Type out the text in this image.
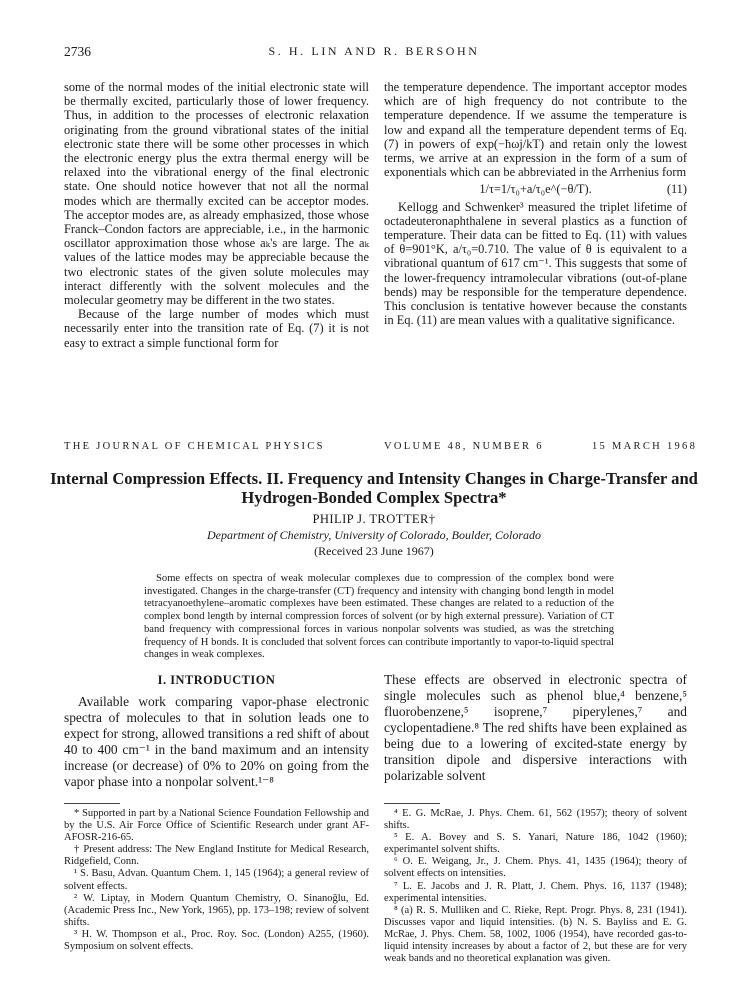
2736	S. H. LIN AND R. BERSOHN

some of the normal modes of the initial electronic state will be thermally excited, particularly those of lower frequency. Thus, in addition to the processes of electronic relaxation originating from the ground vibrational states of the initial electronic state there will be some other processes in which the electronic energy plus the extra thermal energy will be relaxed into the vibrational energy of the final electronic state. One should notice however that not all the normal modes which are thermally excited can be acceptor modes. The acceptor modes are, as already emphasized, those whose Franck–Condon factors are appreciable, i.e., in the harmonic oscillator approximation those whose aₖ's are large. The aₖ values of the lattice modes may be appreciable because the two electronic states of the given solute molecules may interact differently with the solvent molecules and the molecular geometry may be different in the two states.

Because of the large number of modes which must necessarily enter into the transition rate of Eq. (7) it is not easy to extract a simple functional form for

the temperature dependence. The important acceptor modes which are of high frequency do not contribute to the temperature dependence. If we assume the temperature is low and expand all the temperature dependent terms of Eq. (7) in powers of exp(−ħωj/kT) and retain only the lowest terms, we arrive at an expression in the form of a sum of exponentials which can be abbreviated in the Arrhenius form

1/τ=1/τ₀+a/τ₀e^(−θ/T).	(11)

Kellogg and Schwenker³ measured the triplet lifetime of octadeuteronaphthalene in several plastics as a function of temperature. Their data can be fitted to Eq. (11) with values of θ=901°K, a/τ₀=0.710. The value of θ is equivalent to a vibrational quantum of 617 cm⁻¹. This suggests that some of the lower-frequency intramolecular vibrations (out-of-plane bends) may be responsible for the temperature dependence. This conclusion is tentative however because the constants in Eq. (11) are mean values with a qualitative significance.

THE JOURNAL OF CHEMICAL PHYSICS	VOLUME 48, NUMBER 6	15 MARCH 1968
Internal Compression Effects. II. Frequency and Intensity Changes in Charge-Transfer and Hydrogen-Bonded Complex Spectra*
PHILIP J. TROTTER†
Department of Chemistry, University of Colorado, Boulder, Colorado
(Received 23 June 1967)
Some effects on spectra of weak molecular complexes due to compression of the complex bond were investigated. Changes in the charge-transfer (CT) frequency and intensity with changing bond length in model tetracyanoethylene–aromatic complexes have been estimated. These changes are related to a reduction of the complex bond length by internal compression forces of solvent (or by high external pressure). Variation of CT band frequency with compressional forces in various nonpolar solvents was studied, as was the stretching frequency of H bonds. It is concluded that solvent forces can contribute importantly to vapor-to-liquid spectral changes in weak complexes.
I. INTRODUCTION

Available work comparing vapor-phase electronic spectra of molecules to that in solution leads one to expect for strong, allowed transitions a red shift of about 40 to 400 cm⁻¹ in the band maximum and an intensity increase (or decrease) of 0% to 20% on going from the vapor phase into a nonpolar solvent.¹⁻⁸

These effects are observed in electronic spectra of single molecules such as phenol blue,⁴ benzene,⁵ fluorobenzene,⁵ isoprene,⁷ piperylenes,⁷ and cyclopentadiene.⁸ The red shifts have been explained as being due to a lowering of excited-state energy by transition dipole and dispersive interactions with polarizable solvent

* Supported in part by a National Science Foundation Fellowship and by the U.S. Air Force Office of Scientific Research under grant AF-AFOSR-216-65.

† Present address: The New England Institute for Medical Research, Ridgefield, Conn.

¹ S. Basu, Advan. Quantum Chem. 1, 145 (1964); a general review of solvent effects.

² W. Liptay, in Modern Quantum Chemistry, O. Sinanoğlu, Ed. (Academic Press Inc., New York, 1965), pp. 173–198; review of solvent shifts.

³ H. W. Thompson et al., Proc. Roy. Soc. (London) A255, (1960). Symposium on solvent effects.

⁴ E. G. McRae, J. Phys. Chem. 61, 562 (1957); theory of solvent shifts.

⁵ E. A. Bovey and S. S. Yanari, Nature 186, 1042 (1960); experimantel solvent shifts.

⁶ O. E. Weigang, Jr., J. Chem. Phys. 41, 1435 (1964); theory of solvent effects on intensities.

⁷ L. E. Jacobs and J. R. Platt, J. Chem. Phys. 16, 1137 (1948); experimental intensities.

⁸ (a) R. S. Mulliken and C. Rieke, Rept. Progr. Phys. 8, 231 (1941). Discusses vapor and liquid intensities. (b) N. S. Bayliss and E. G. McRae, J. Phys. Chem. 58, 1002, 1006 (1954), have recorded gas-to-liquid intensity increases by about a factor of 2, but these are for very weak bands and no theoretical explanation was given.
